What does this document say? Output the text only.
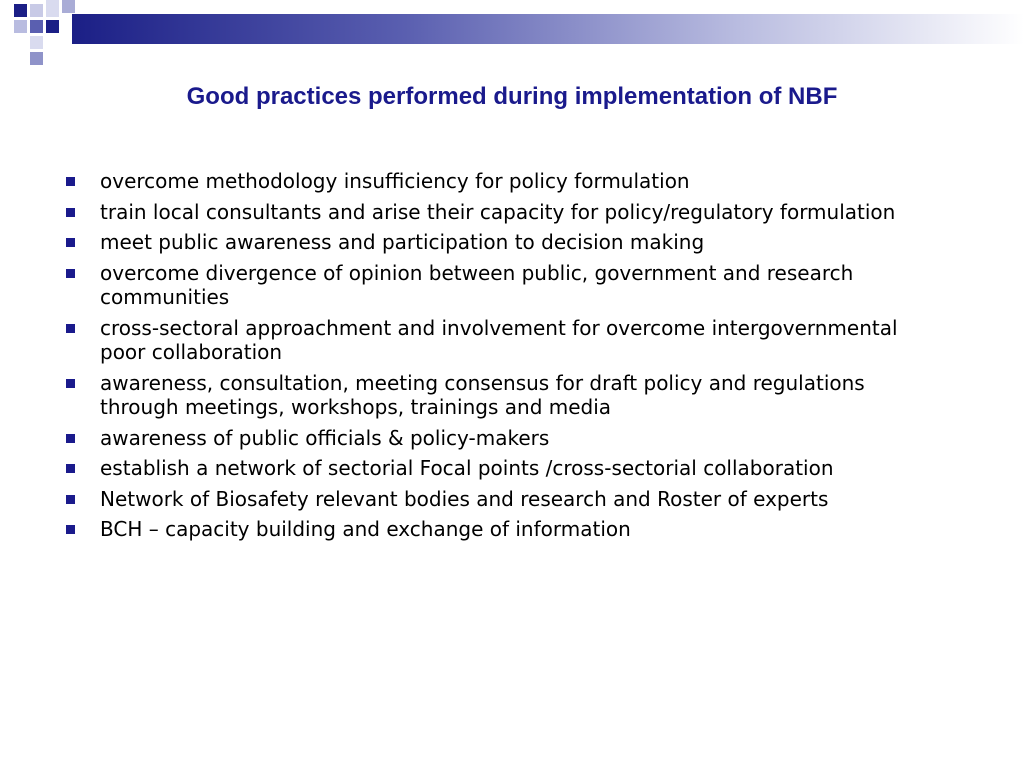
Good practices performed during implementation of NBF
overcome methodology insufficiency for policy formulation
train local consultants and arise their capacity for policy/regulatory formulation
meet public awareness and participation to decision making
overcome divergence of opinion between public, government and research communities
cross-sectoral approachment and involvement for overcome intergovernmental poor collaboration
awareness, consultation, meeting consensus for draft policy and regulations through meetings, workshops, trainings and media
awareness of public officials & policy-makers
establish a network of sectorial Focal points /cross-sectorial collaboration
Network of Biosafety relevant bodies and research and Roster of experts
BCH – capacity building and exchange of information
